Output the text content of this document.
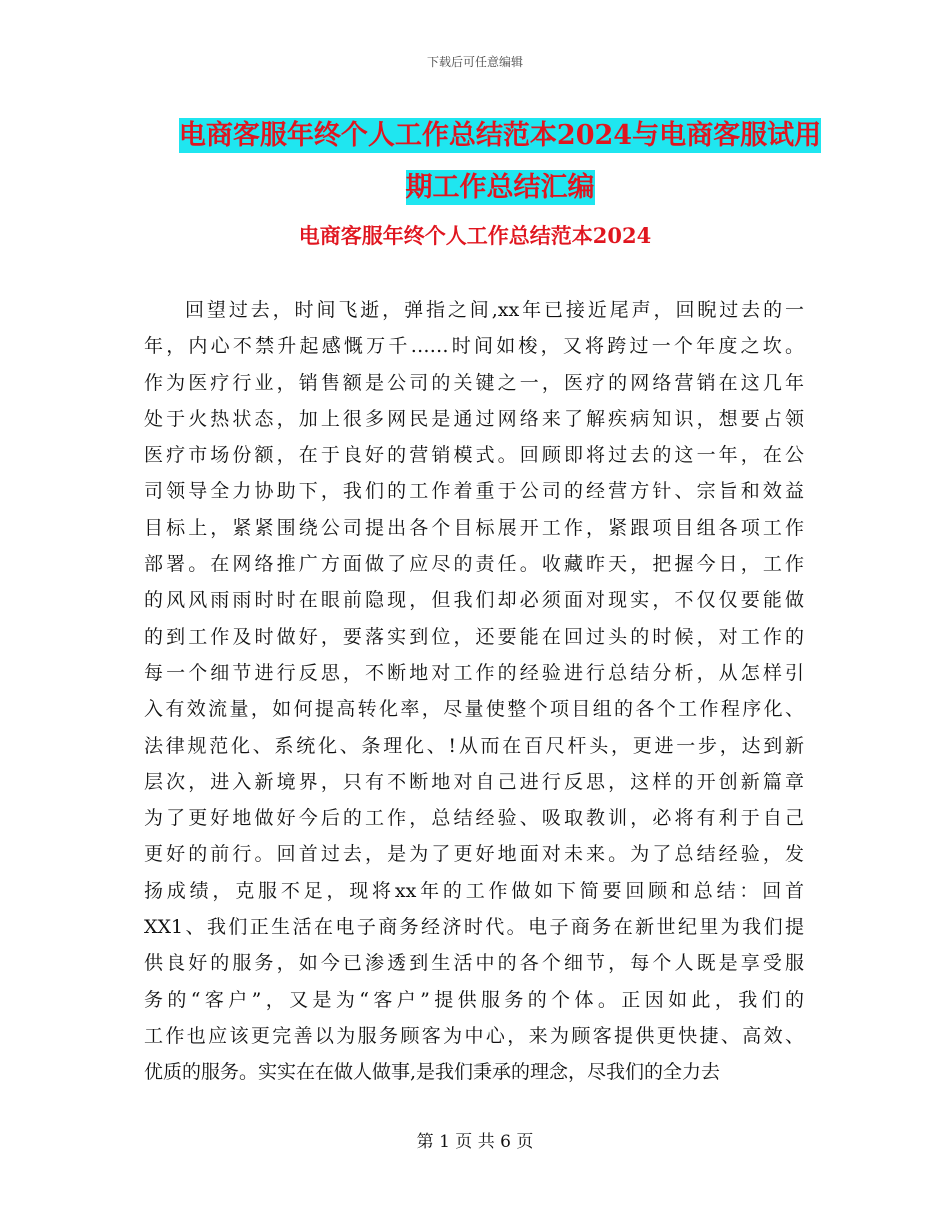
下载后可任意编辑
电商客服年终个人工作总结范本2024与电商客服试用
期工作总结汇编
电商客服年终个人工作总结范本2024
回望过去，时间飞逝，弹指之间,xx年已接近尾声，回睨过去的一
年，内心不禁升起感慨万千……时间如梭，又将跨过一个年度之坎。
作为医疗行业，销售额是公司的关键之一，医疗的网络营销在这几年
处于火热状态，加上很多网民是通过网络来了解疾病知识，想要占领
医疗市场份额，在于良好的营销模式。回顾即将过去的这一年，在公
司领导全力协助下，我们的工作着重于公司的经营方针、宗旨和效益
目标上，紧紧围绕公司提出各个目标展开工作，紧跟项目组各项工作
部署。在网络推广方面做了应尽的责任。收藏昨天，把握今日，工作
的风风雨雨时时在眼前隐现，但我们却必须面对现实，不仅仅要能做
的到工作及时做好，要落实到位，还要能在回过头的时候，对工作的
每一个细节进行反思，不断地对工作的经验进行总结分析，从怎样引
入有效流量，如何提高转化率，尽量使整个项目组的各个工作程序化、
法律规范化、系统化、条理化、!从而在百尺杆头，更进一步，达到新
层次，进入新境界，只有不断地对自己进行反思，这样的开创新篇章
为了更好地做好今后的工作，总结经验、吸取教训，必将有利于自己
更好的前行。回首过去，是为了更好地面对未来。为了总结经验，发
扬成绩，克服不足，现将xx年的工作做如下简要回顾和总结：回首
XX1、我们正生活在电子商务经济时代。电子商务在新世纪里为我们提
供良好的服务，如今已渗透到生活中的各个细节，每个人既是享受服
务的“客户”，又是为“客户”提供服务的个体。正因如此，我们的
工作也应该更完善以为服务顾客为中心，来为顾客提供更快捷、高效、
优质的服务。实实在在做人做事,是我们秉承的理念，尽我们的全力去
第 1 页 共 6 页
